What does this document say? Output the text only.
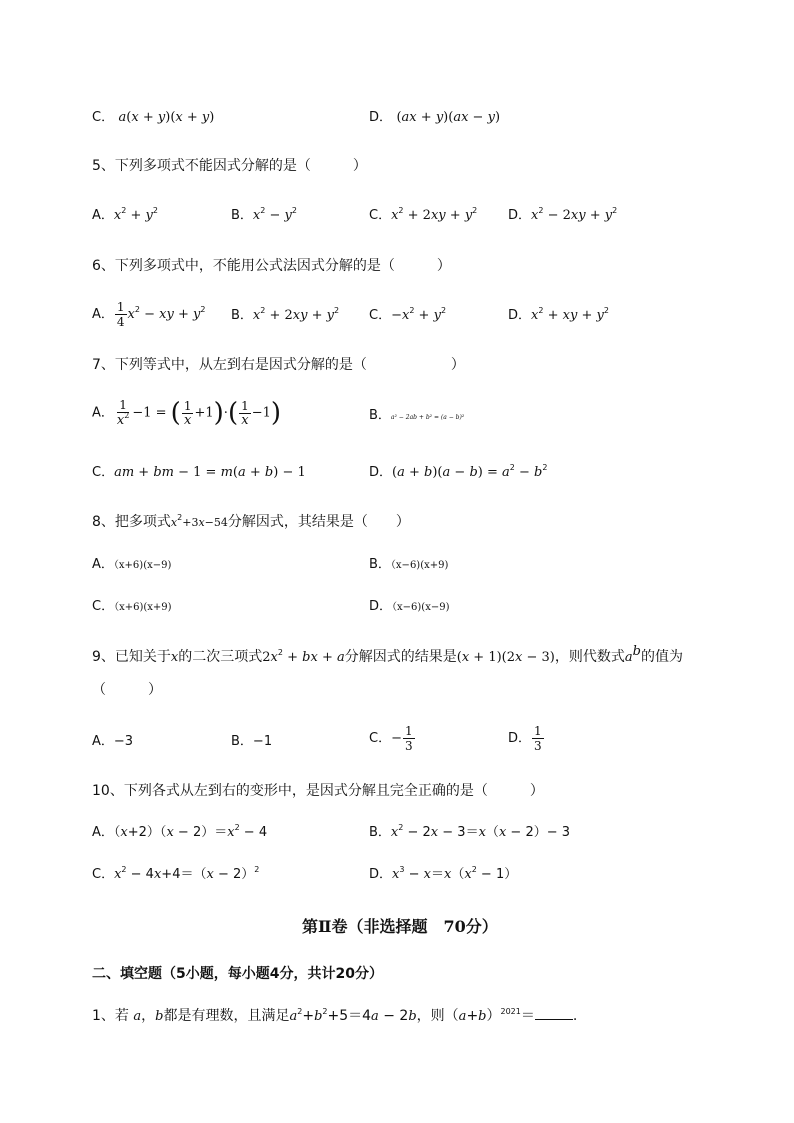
C． a(x + y)(x + y)	D． (ax + y)(ax − y)
5、下列多项式不能因式分解的是（　　　）
A．$x^2 + y^2$	B．$x^2 - y^2$	C．$x^2 + 2xy + y^2$ D．$x^2 - 2xy + y^2$
6、下列多项式中，不能用公式法因式分解的是（　　　）
A． $\frac{1}{4} x^2$ − xy + $y^2$ B．$x^2 + 2xy + y^2$ C．$-x^2 + y^2$	D．$x^2$ + xy + $y^2$
7、下列等式中，从左到右是因式分解的是（　　　　　　）
A． $\frac{1}{x^2} -1$ = ( $\frac{1}{x} +1)\cdot( \frac{1}{x} -1)$	B．a² − 2ab + b² = (a − b)²
C．am + bm − 1 = m(a + b) − 1	D．$(a + b)(a - b) = a^2 - b^2$
8、把多项式$x^2+3x-54$分解因式，其结果是（　　）
A．（x+6)(x−9)	B．（x−6)(x+9)
C．（x+6)(x+9)	D．（x−6)(x−9)
9、已知关于x的二次三项式$2x^2$ + bx + a分解因式的结果是(x + 1)(2x − 3)，则代数式$a^b$的值为
（　　　）
A．−3	B．−1	C．− $\frac{1}{3}$	D． $\frac{1}{3}$
10、下列各式从左到右的变形中，是因式分解且完全正确的是（　　　）
A．$(x+2)(x - 2)=x^2 - 4$	B．$x^2 - 2x - 3=x(x - 2)- 3$
C．$x^2 - 4x+4=(x - 2)^2$	D．$x^3 - x=x(x^2 - 1)$
第Ⅱ卷（非选择题　70分）
二、填空题（5小题，每小题4分，共计20分）
1、若 a，b都是有理数，且满足$a^2+b^2+5=4a - 2b$，则$(a+b)^{2021}=$	.
